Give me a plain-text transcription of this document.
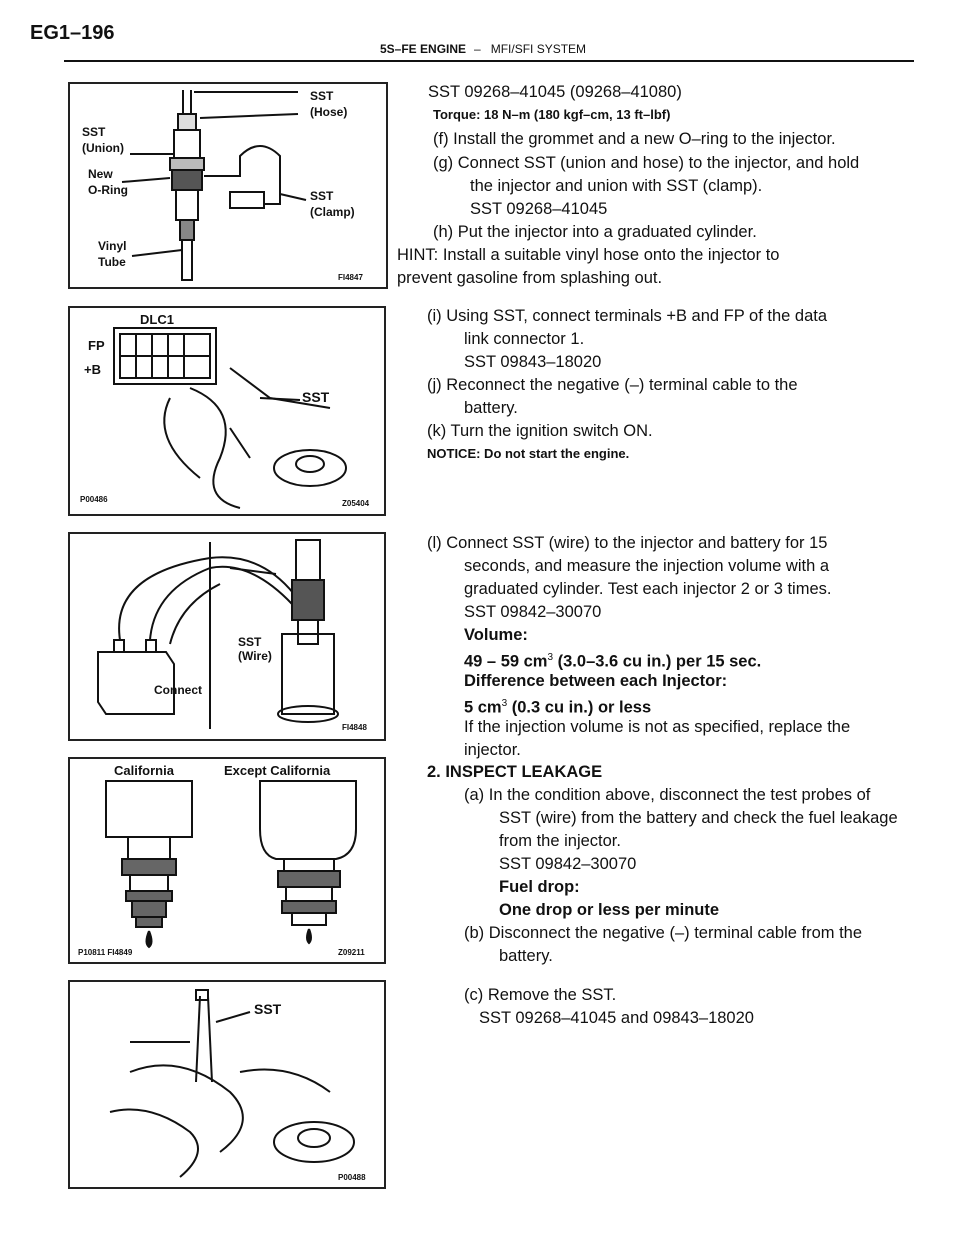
EG1–196
5S–FE ENGINE – MFI/SFI SYSTEM
SST
(Hose)
SST
(Union)
New
O-Ring	SST
(Clamp)
Vinyl
Tube
FI4847
DLC1
FP
+B
SST
P00486	Z05404
SST
(Wire)
Connect
FI4848
California	Except California
P10811 FI4849	Z09211
SST
P00488
SST 09268–41045 (09268–41080)
Torque: 18 N–m (180 kgf–cm, 13 ft–lbf)
(f) Install the grommet and a new O–ring to the injector.
(g) Connect SST (union and hose) to the injector, and hold
the injector and union with SST (clamp).
SST 09268–41045
(h) Put the injector into a graduated cylinder.
HINT: Install a suitable vinyl hose onto the injector to
prevent gasoline from splashing out.
(i) Using SST, connect terminals +B and FP of the data
link connector 1.
SST 09843–18020
(j) Reconnect the negative (–) terminal cable to the
battery.
(k) Turn the ignition switch ON.
NOTICE: Do not start the engine.
(l) Connect SST (wire) to the injector and battery for 15
seconds, and measure the injection volume with a
graduated cylinder. Test each injector 2 or 3 times.
SST 09842–30070
Volume:
49 – 59 $cm^3$ (3.0–3.6 cu in.) per 15 sec.
Difference between each Injector:
5 $cm^3$ (0.3 cu in.) or less
If the injection volume is not as specified, replace the
injector.
2. INSPECT LEAKAGE
(a) In the condition above, disconnect the test probes of
SST (wire) from the battery and check the fuel leakage
from the injector.
SST 09842–30070
Fuel drop:
One drop or less per minute
(b) Disconnect the negative (–) terminal cable from the
battery.
(c) Remove the SST.
SST 09268–41045 and 09843–18020
